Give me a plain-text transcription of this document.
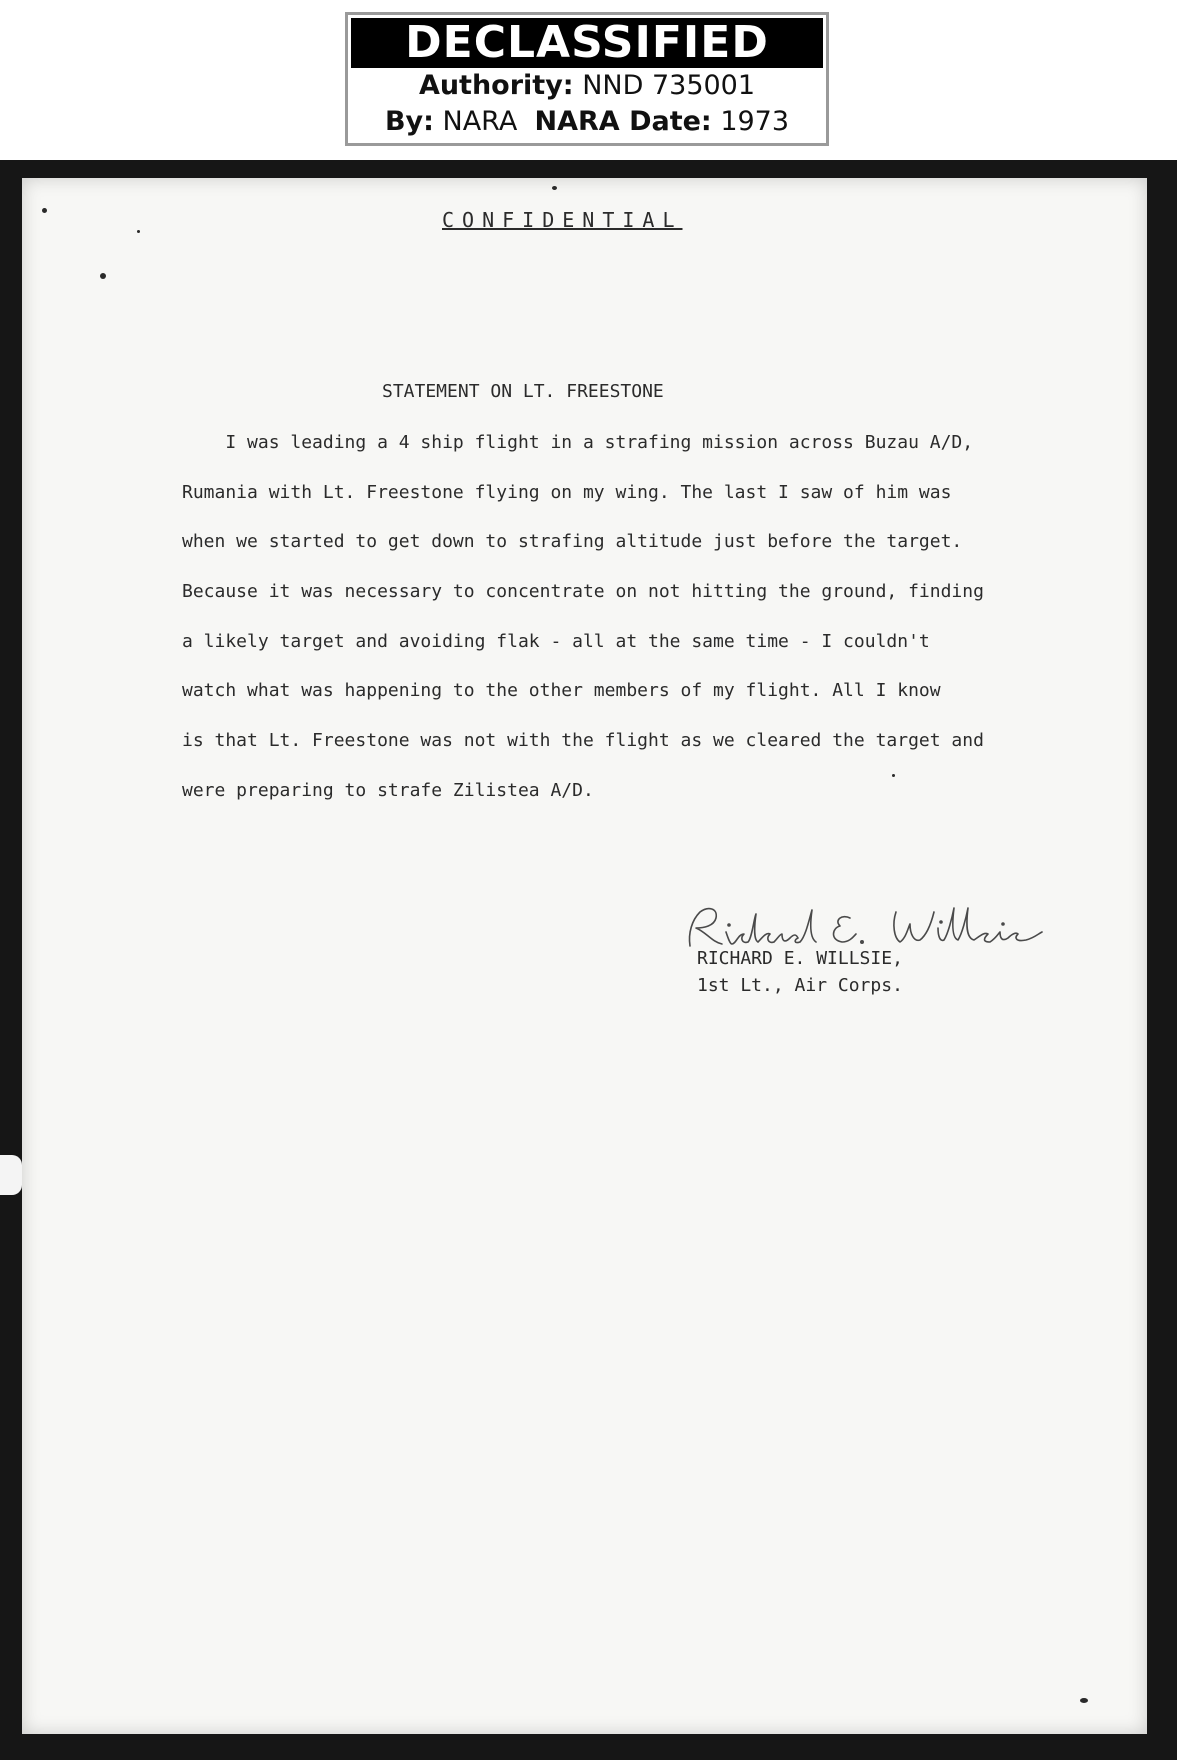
DECLASSIFIED
Authority: NND 735001
By: NARA NARA Date: 1973
CONFIDENTIAL
STATEMENT ON LT. FREESTONE
I was leading a 4 ship flight in a strafing mission across Buzau A/D,
Rumania with Lt. Freestone flying on my wing. The last I saw of him was
when we started to get down to strafing altitude just before the target.
Because it was necessary to concentrate on not hitting the ground, finding
a likely target and avoiding flak - all at the same time - I couldn't
watch what was happening to the other members of my flight. All I know
is that Lt. Freestone was not with the flight as we cleared the target and
were preparing to strafe Zilistea A/D.
RICHARD E. WILLSIE,
1st Lt., Air Corps.
